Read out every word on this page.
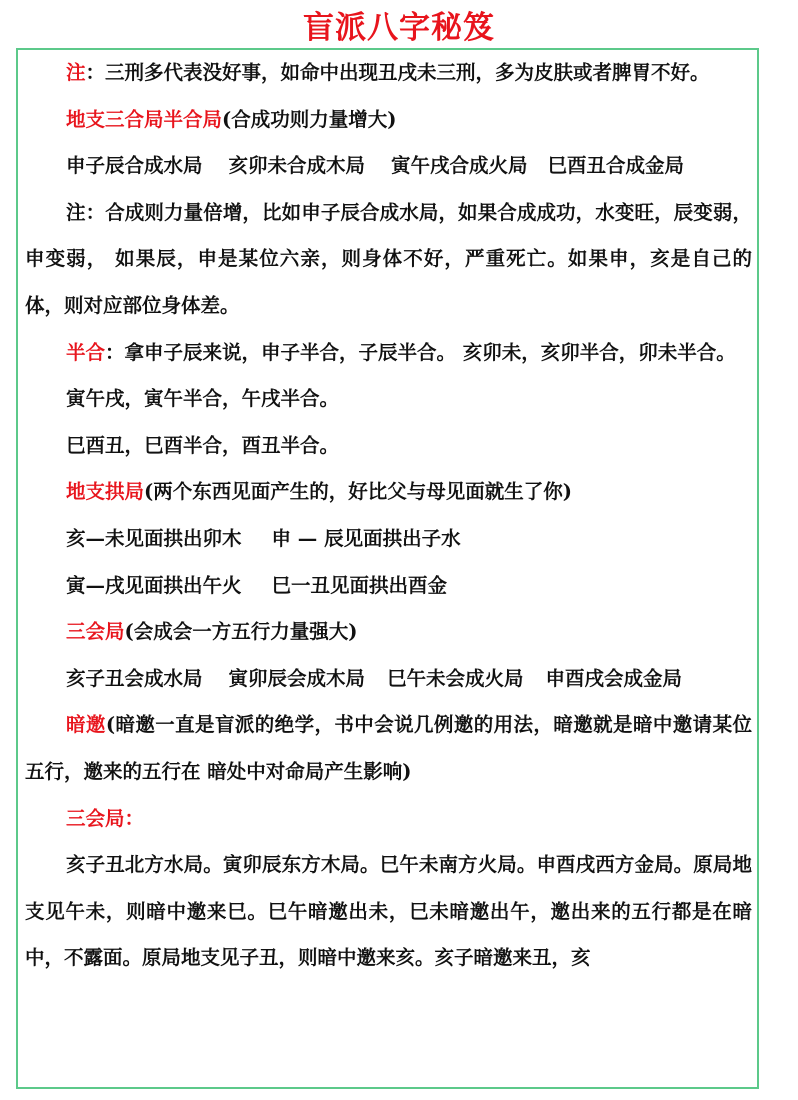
盲派八字秘笈

注：三刑多代表没好事，如命中出现丑戌未三刑，多为皮肤或者脾胃不好。

地支三合局半合局(合成功则力量增大)

申子辰合成水局 亥卯未合成木局 寅午戌合成火局 巳酉丑合成金局

注：合成则力量倍增，比如申子辰合成水局，如果合成成功，水变旺，辰变弱，申变弱， 如果辰，申是某位六亲，则身体不好，严重死亡。如果申，亥是自己的体，则对应部位身体差。

半合：拿申子辰来说，申子半合，子辰半合。 亥卯未，亥卯半合，卯未半合。

寅午戌，寅午半合，午戌半合。

巳酉丑，巳酉半合，酉丑半合。

地支拱局(两个东西见面产生的，好比父与母见面就生了你)

亥—未见面拱出卯木 申 — 辰见面拱出子水

寅—戌见面拱出午火 巳一丑见面拱出酉金

三会局(会成会一方五行力量强大)

亥子丑会成水局 寅卯辰会成木局 巳午未会成火局 申酉戌会成金局

暗邀(暗邀一直是盲派的绝学，书中会说几例邀的用法，暗邀就是暗中邀请某位五行，邀来的五行在 暗处中对命局产生影响)

三会局：

亥子丑北方水局。寅卯辰东方木局。巳午未南方火局。申酉戌西方金局。原局地支见午未，则暗中邀来巳。巳午暗邀出未，巳未暗邀出午，邀出来的五行都是在暗中，不露面。原局地支见子丑，则暗中邀来亥。亥子暗邀来丑，亥
